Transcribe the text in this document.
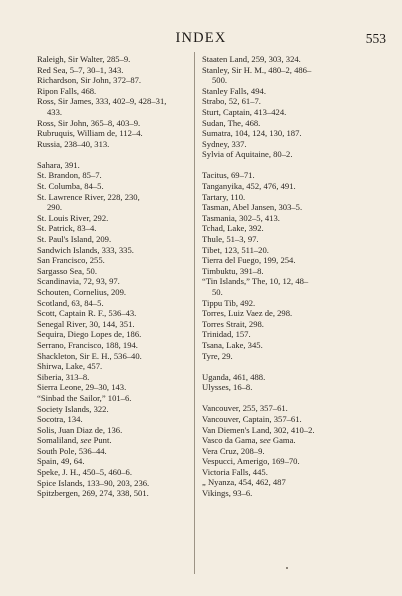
INDEX	553
Raleigh, Sir Walter, 285–9.
Red Sea, 5–7, 30–1, 343.
Richardson, Sir John, 372–87.
Ripon Falls, 468.
Ross, Sir James, 333, 402–9, 428–31,
433.
Ross, Sir John, 365–8, 403–9.
Rubruquis, William de, 112–4.
Russia, 238–40, 313.
Sahara, 391.
St. Brandon, 85–7.
St. Columba, 84–5.
St. Lawrence River, 228, 230,
290.
St. Louis River, 292.
St. Patrick, 83–4.
St. Paul's Island, 209.
Sandwich Islands, 333, 335.
San Francisco, 255.
Sargasso Sea, 50.
Scandinavia, 72, 93, 97.
Schouten, Cornelius, 209.
Scotland, 63, 84–5.
Scott, Captain R. F., 536–43.
Senegal River, 30, 144, 351.
Sequira, Diego Lopes de, 186.
Serrano, Francisco, 188, 194.
Shackleton, Sir E. H., 536–40.
Shirwa, Lake, 457.
Siberia, 313–8.
Sierra Leone, 29–30, 143.
“Sinbad the Sailor,” 101–6.
Society Islands, 322.
Socotra, 134.
Solis, Juan Diaz de, 136.
Somaliland, see Punt.
South Pole, 536–44.
Spain, 49, 64.
Speke, J. H., 450–5, 460–6.
Spice Islands, 133–90, 203, 236.
Spitzbergen, 269, 274, 338, 501.
Staaten Land, 259, 303, 324.
Stanley, Sir H. M., 480–2, 486–
500.
Stanley Falls, 494.
Strabo, 52, 61–7.
Sturt, Captain, 413–424.
Sudan, The, 468.
Sumatra, 104, 124, 130, 187.
Sydney, 337.
Sylvia of Aquitaine, 80–2.
Tacitus, 69–71.
Tanganyika, 452, 476, 491.
Tartary, 110.
Tasman, Abel Jansen, 303–5.
Tasmania, 302–5, 413.
Tchad, Lake, 392.
Thule, 51–3, 97.
Tibet, 123, 511–20.
Tierra del Fuego, 199, 254.
Timbuktu, 391–8.
“Tin Islands,” The, 10, 12, 48–
50.
Tippu Tib, 492.
Torres, Luiz Vaez de, 298.
Torres Strait, 298.
Trinidad, 157.
Tsana, Lake, 345.
Tyre, 29.
Uganda, 461, 488.
Ulysses, 16–8.
Vancouver, 255, 357–61.
Vancouver, Captain, 357–61.
Van Diemen's Land, 302, 410–2.
Vasco da Gama, see Gama.
Vera Cruz, 208–9.
Vespucci, Amerigo, 169–70.
Victoria Falls, 445.
„ Nyanza, 454, 462, 487
Vikings, 93–6.
